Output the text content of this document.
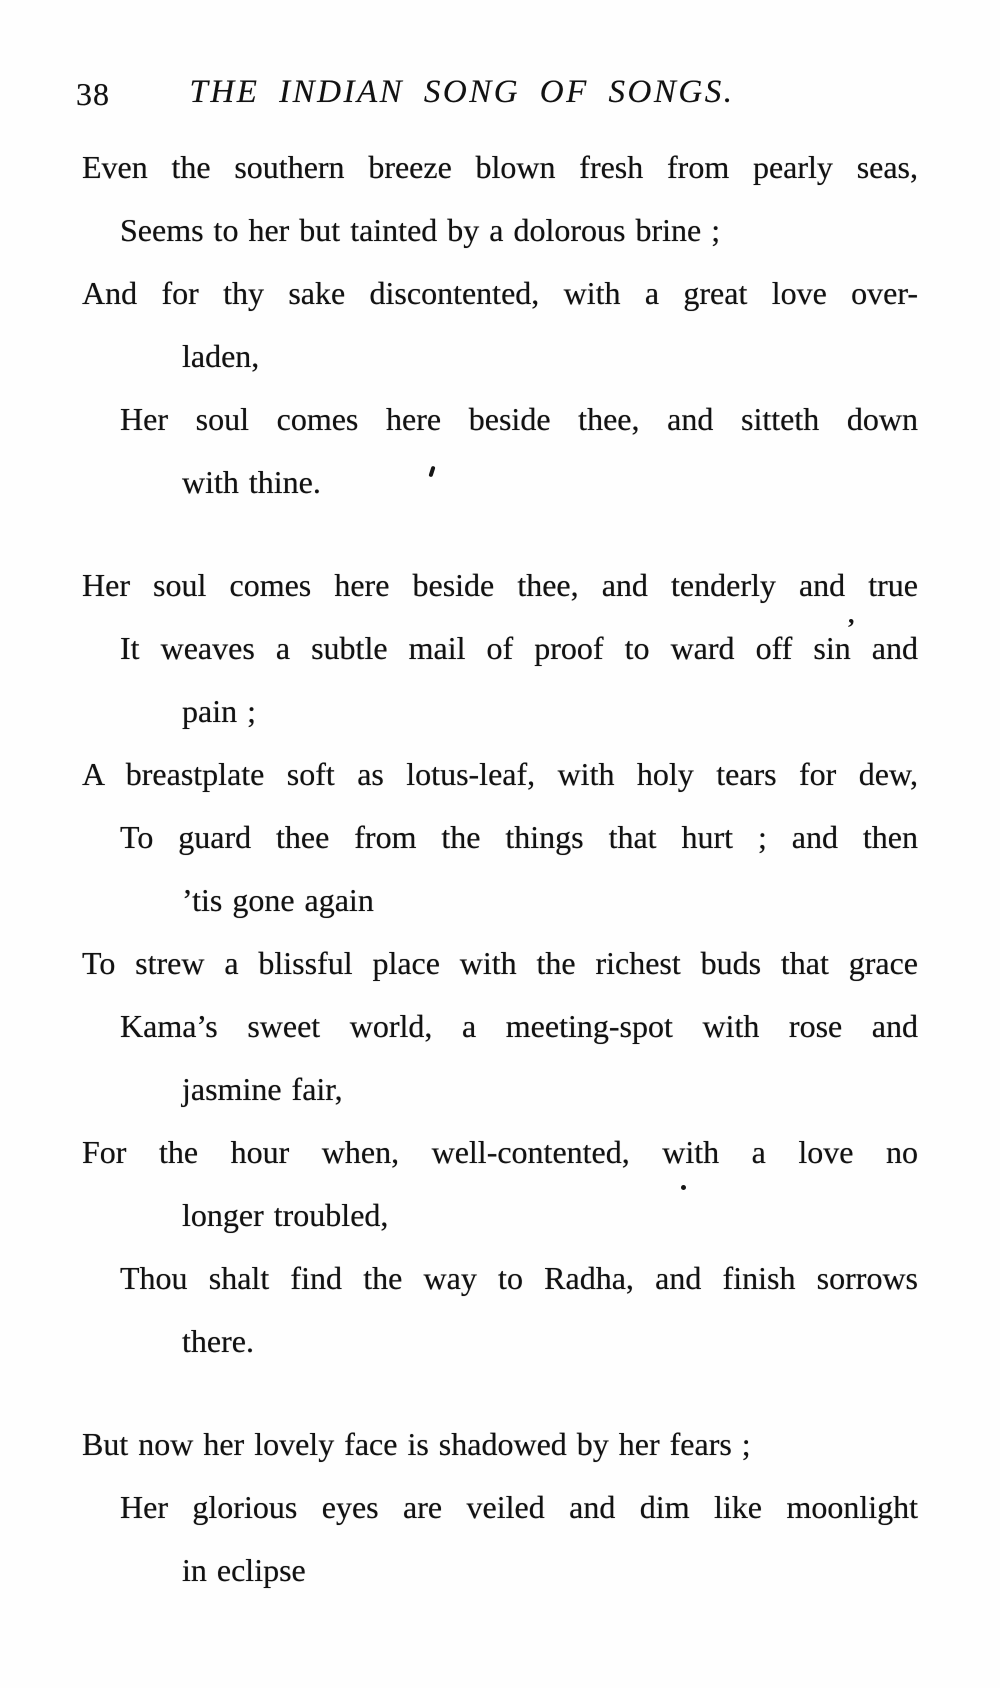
38 THE INDIAN SONG OF SONGS.
Even the southern breeze blown fresh from pearly seas,
Seems to her but tainted by a dolorous brine ;
And for thy sake discontented, with a great love over-
laden,
Her soul comes here beside thee, and sitteth down
with thine.
Her soul comes here beside thee, and tenderly and true
It weaves a subtle mail of proof to ward off sin and
pain ;
A breastplate soft as lotus-leaf, with holy tears for dew,
To guard thee from the things that hurt ; and then
’tis gone again
To strew a blissful place with the richest buds that grace
Kama’s sweet world, a meeting-spot with rose and
jasmine fair,
For the hour when, well-contented, with a love no
longer troubled,
Thou shalt find the way to Radha, and finish sorrows
there.
But now her lovely face is shadowed by her fears ;
Her glorious eyes are veiled and dim like moonlight
in eclipse
,
